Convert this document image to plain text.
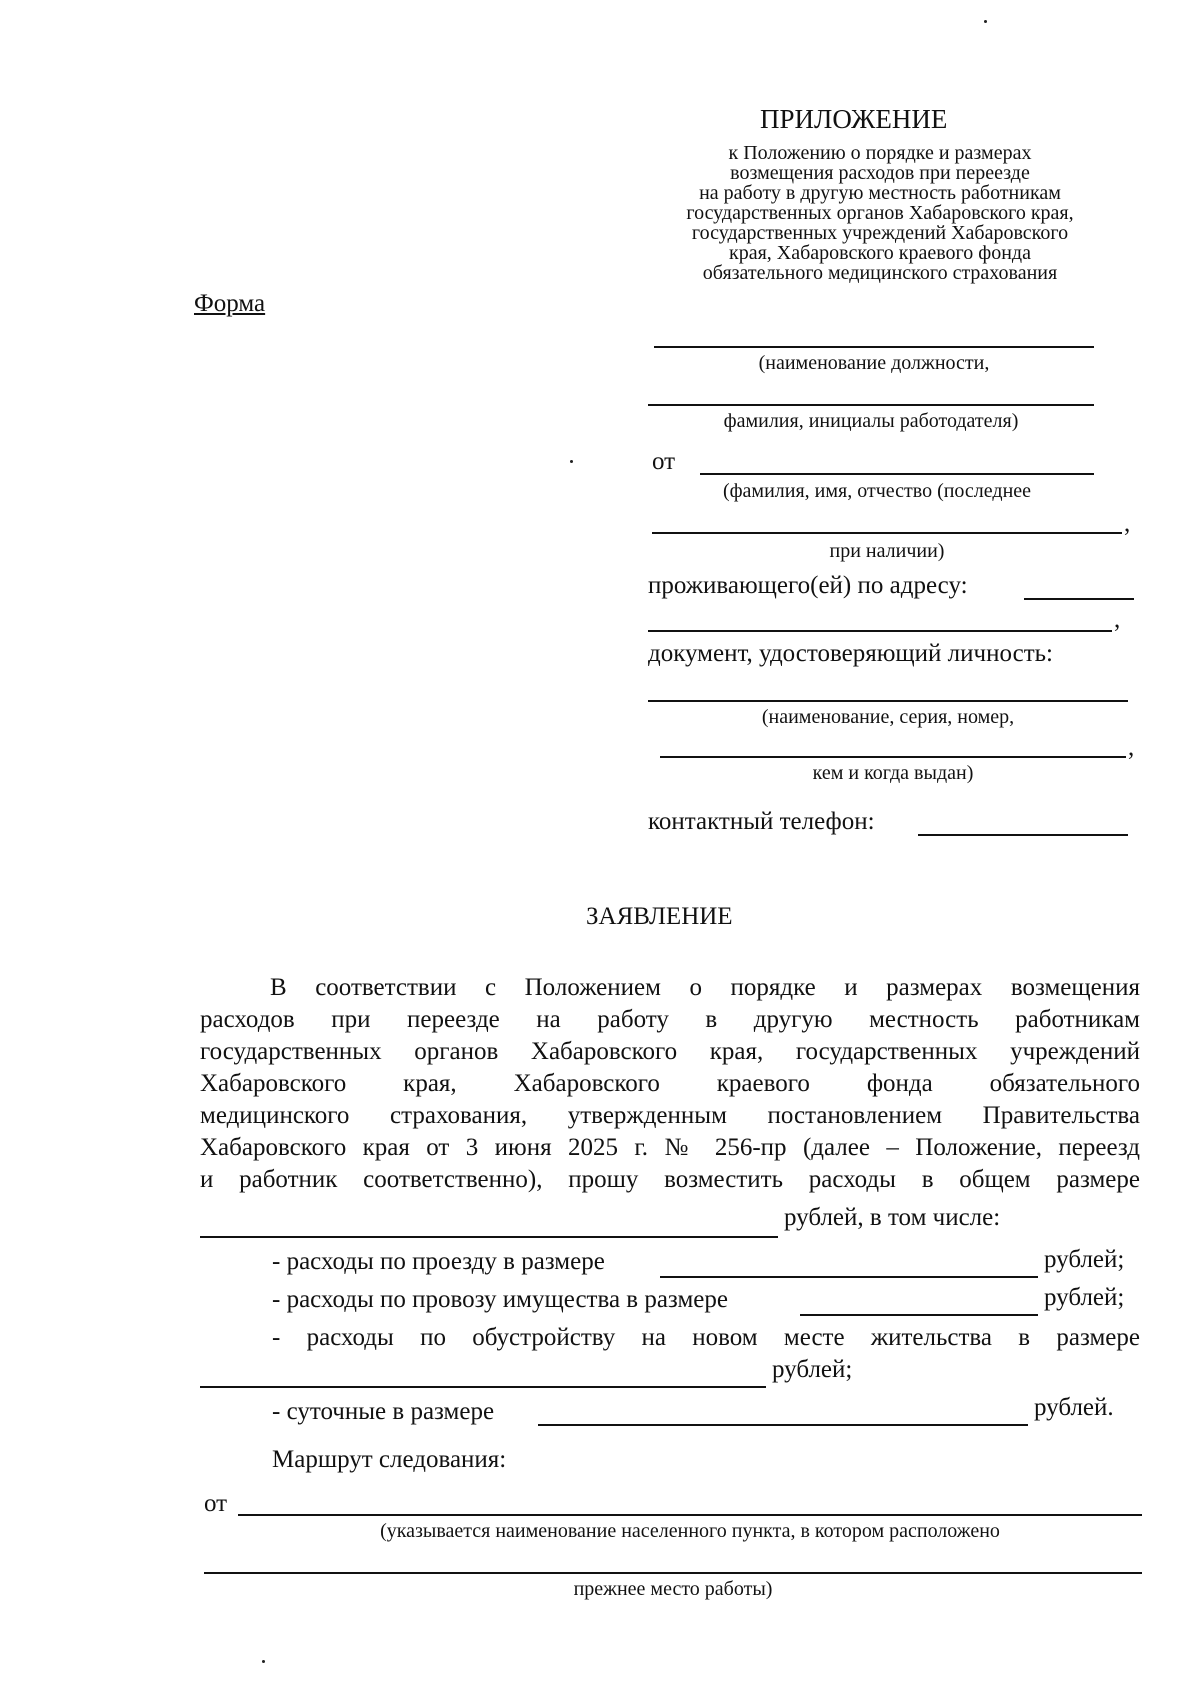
ПРИЛОЖЕНИЕ
к Положению о порядке и размерах
возмещения расходов при переезде
на работу в другую местность работникам
государственных органов Хабаровского края,
государственных учреждений Хабаровского
края, Хабаровского краевого фонда
обязательного медицинского страхования
Форма
(наименование должности,
фамилия, инициалы работодателя)
от
(фамилия, имя, отчество (последнее
,
при наличии)
проживающего(ей) по адресу:
,
документ, удостоверяющий личность:
(наименование, серия, номер,
,
кем и когда выдан)
контактный телефон:
ЗАЯВЛЕНИЕ
В соответствии с Положением о порядке и размерах возмещения
расходов при переезде на работу в другую местность работникам
государственных органов Хабаровского края, государственных учреждений
Хабаровского края, Хабаровского краевого фонда обязательного
медицинского страхования, утвержденным постановлением Правительства
Хабаровского края от 3 июня 2025 г. № 256-пр (далее – Положение, переезд
и работник соответственно), прошу возместить расходы в общем размере
рублей, в том числе:
- расходы по проезду в размере	рублей;
- расходы по провозу имущества в размере	рублей;
- расходы по обустройству на новом месте жительства в размере
рублей;
- суточные в размере	рублей.
Маршрут следования:
от
(указывается наименование населенного пункта, в котором расположено
прежнее место работы)
